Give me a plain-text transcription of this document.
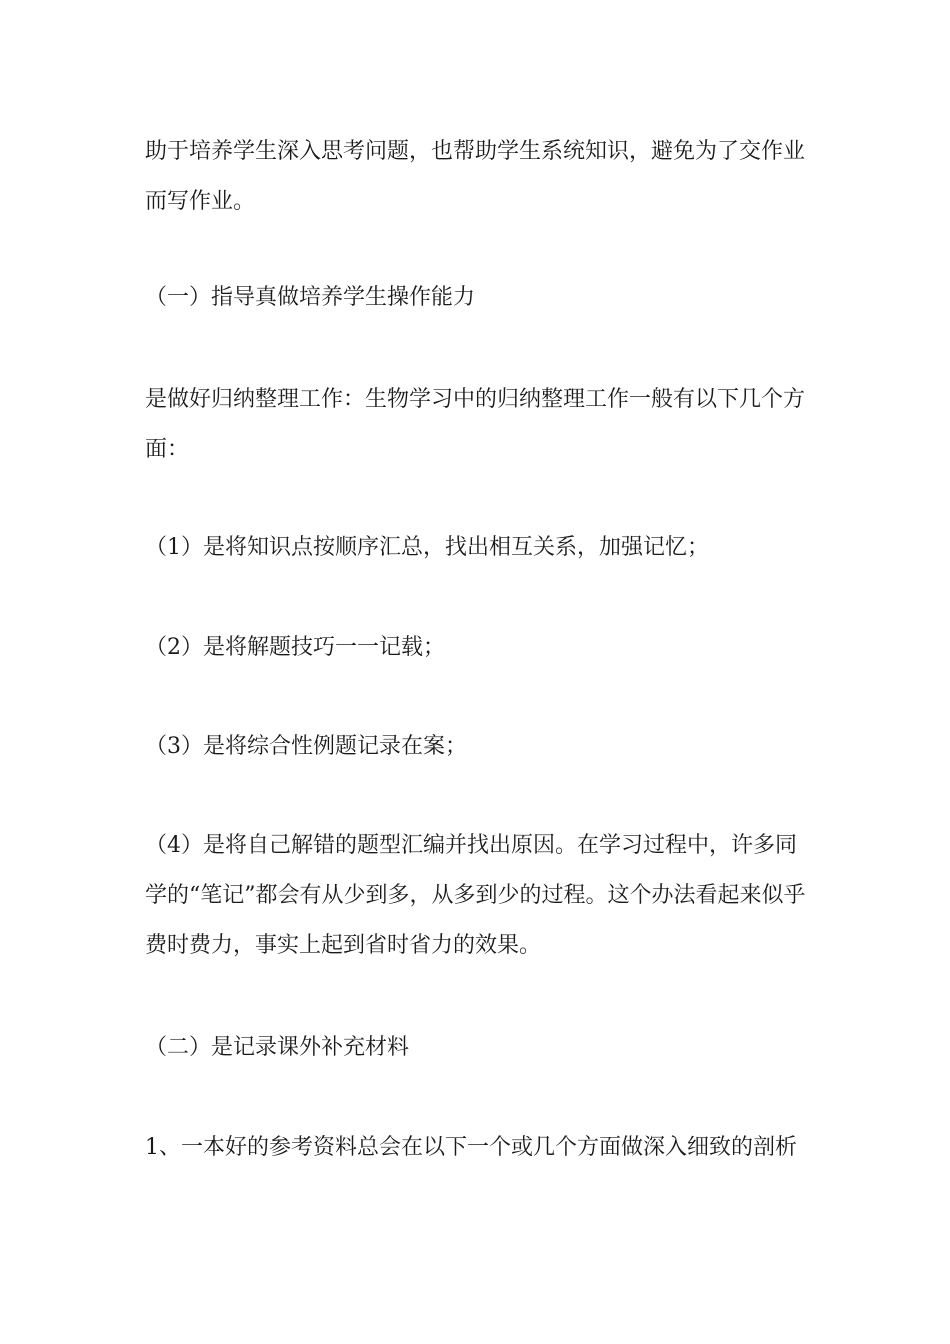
助于培养学生深入思考问题，也帮助学生系统知识，避免为了交作业而写作业。

（一）指导真做培养学生操作能力

是做好归纳整理工作：生物学习中的归纳整理工作一般有以下几个方面：

（1）是将知识点按顺序汇总，找出相互关系，加强记忆；

（2）是将解题技巧一一记载；

（3）是将综合性例题记录在案；

（4）是将自己解错的题型汇编并找出原因。在学习过程中，许多同学的“笔记”都会有从少到多，从多到少的过程。这个办法看起来似乎费时费力，事实上起到省时省力的效果。

（二）是记录课外补充材料

1、一本好的参考资料总会在以下一个或几个方面做深入细致的剖析
